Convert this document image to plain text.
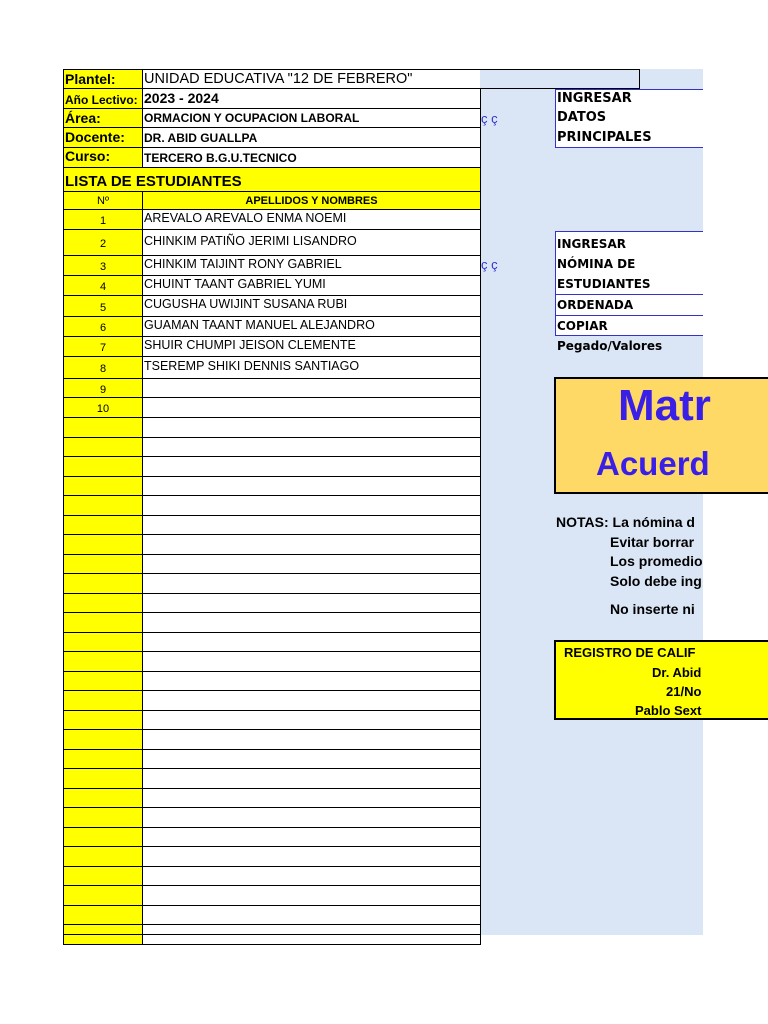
Plantel:	UNIDAD EDUCATIVA "12 DE FEBRERO"
Año Lectivo: 2023 - 2024
Área:	ORMACION Y OCUPACION LABORAL
Docente:	DR. ABID GUALLPA
Curso:	TERCERO B.G.U.TECNICO
LISTA DE ESTUDIANTES
Nº	APELLIDOS Y NOMBRES
1	AREVALO AREVALO ENMA NOEMI
2	CHINKIM PATIÑO JERIMI LISANDRO
3	CHINKIM TAIJINT RONY GABRIEL
4	CHUINT TAANT GABRIEL YUMI
5	CUGUSHA UWIJINT SUSANA RUBI
6	GUAMAN TAANT MANUEL ALEJANDRO
7	SHUIR CHUMPI JEISON CLEMENTE
8	TSEREMP SHIKI DENNIS SANTIAGO
9
10
ç ç
ç ç
INGRESAR
DATOS
PRINCIPALES
INGRESAR
NÓMINA DE
ESTUDIANTES
ORDENADA
COPIAR Pegado/Valores
Matr
Acuerd
NOTAS: La nómina d
Evitar borrar
Los promedio
Solo debe ing
No inserte ni
REGISTRO DE CALIF
Dr. Abid
21/No
Pablo Sext
